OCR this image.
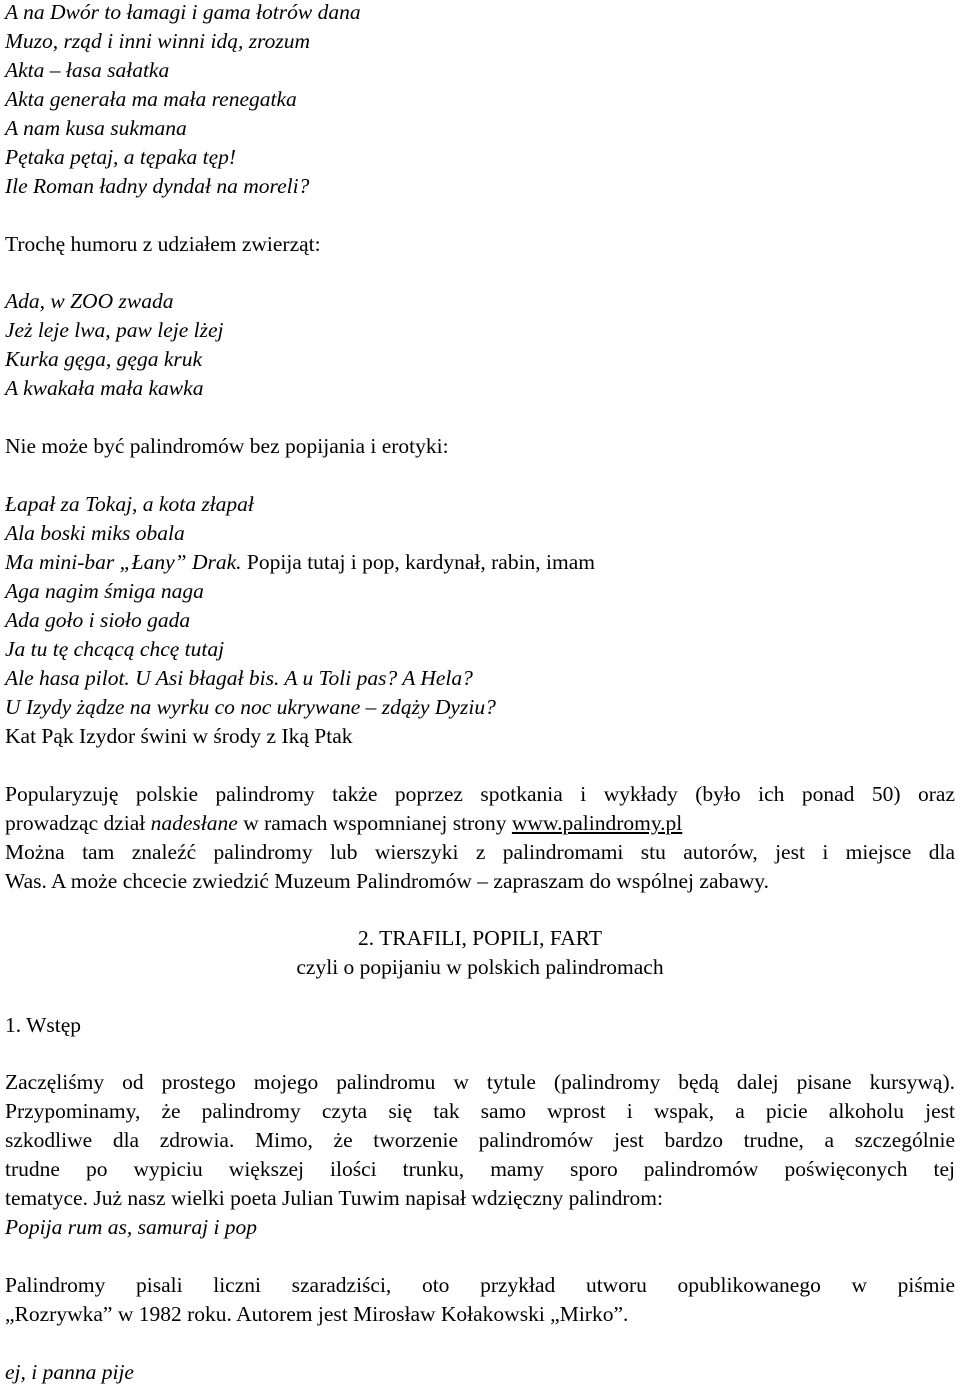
A na Dwór to łamagi i gama łotrów dana
Muzo, rząd i inni winni idą, zrozum
Akta – łasa sałatka
Akta generała ma mała renegatka
A nam kusa sukmana
Pętaka pętaj, a tępaka tęp!
Ile Roman ładny dyndał na moreli?
Trochę humoru z udziałem zwierząt:
Ada, w ZOO zwada
Jeż leje lwa, paw leje lżej
Kurka gęga, gęga kruk
A kwakała mała kawka
Nie może być palindromów bez popijania i erotyki:
Łapał za Tokaj, a kota złapał
Ala boski miks obala
Ma mini-bar „Łany” Drak. Popija tutaj i pop, kardynał, rabin, imam
Aga nagim śmiga naga
Ada goło i sioło gada
Ja tu tę chcącą chcę tutaj
Ale hasa pilot. U Asi błagał bis. A u Toli pas? A Hela?
U Izydy żądze na wyrku co noc ukrywane – zdąży Dyziu?
Kat Pąk Izydor świni w środy z Iką Ptak
Popularyzuję polskie palindromy także poprzez spotkania i wykłady (było ich ponad 50) oraz
prowadząc dział nadesłane w ramach wspomnianej strony www.palindromy.pl
Można tam znaleźć palindromy lub wierszyki z palindromami stu autorów, jest i miejsce dla
Was. A może chcecie zwiedzić Muzeum Palindromów – zapraszam do wspólnej zabawy.
2. TRAFILI, POPILI, FART
czyli o popijaniu w polskich palindromach
1. Wstęp
Zaczęliśmy od prostego mojego palindromu w tytule (palindromy będą dalej pisane kursywą).
Przypominamy, że palindromy czyta się tak samo wprost i wspak, a picie alkoholu jest
szkodliwe dla zdrowia. Mimo, że tworzenie palindromów jest bardzo trudne, a szczególnie
trudne po wypiciu większej ilości trunku, mamy sporo palindromów poświęconych tej
tematyce. Już nasz wielki poeta Julian Tuwim napisał wdzięczny palindrom:
Popija rum as, samuraj i pop
Palindromy pisali liczni szaradziści, oto przykład utworu opublikowanego w piśmie
„Rozrywka” w 1982 roku. Autorem jest Mirosław Kołakowski „Mirko”.
ej, i panna pije
